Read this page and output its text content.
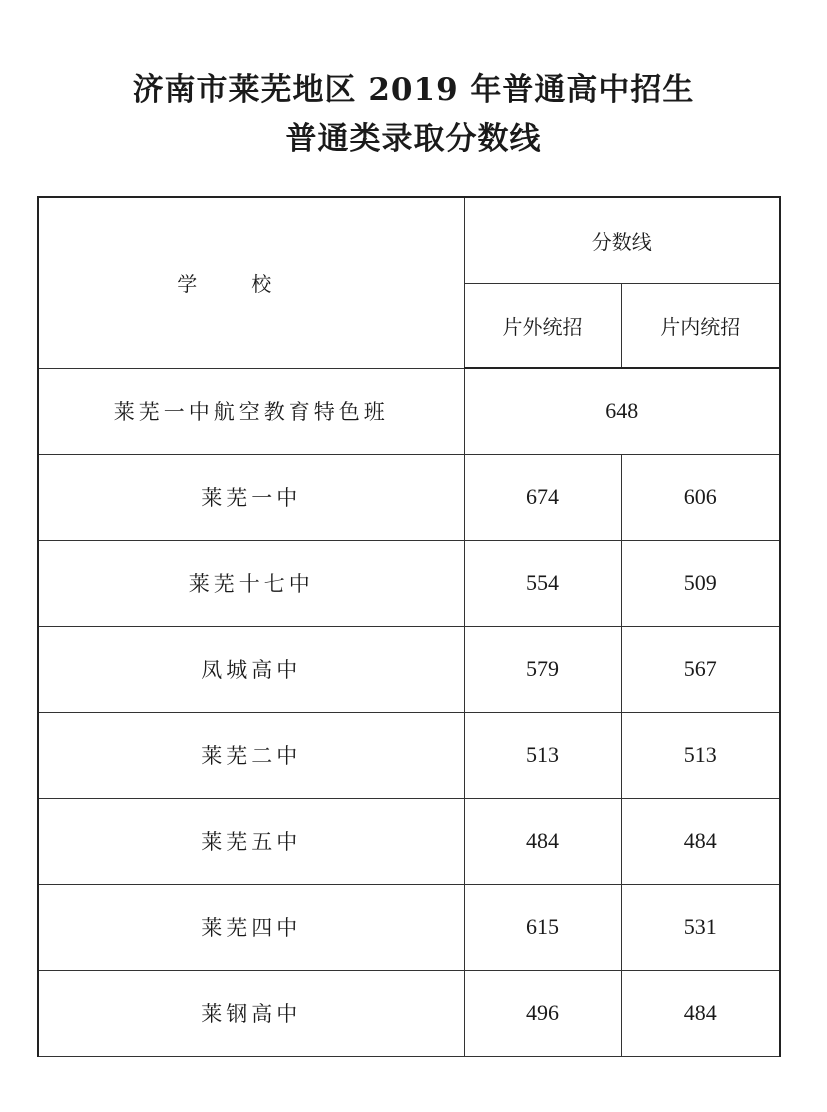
济南市莱芜地区 2019 年普通高中招生
普通类录取分数线
学校	分数线	
	片外统招	片内统招
莱芜一中航空教育特色班	648	
莱芜一中	674	606
莱芜十七中	554	509
凤城高中	579	567
莱芜二中	513	513
莱芜五中	484	484
莱芜四中	615	531
莱钢高中	496	484
